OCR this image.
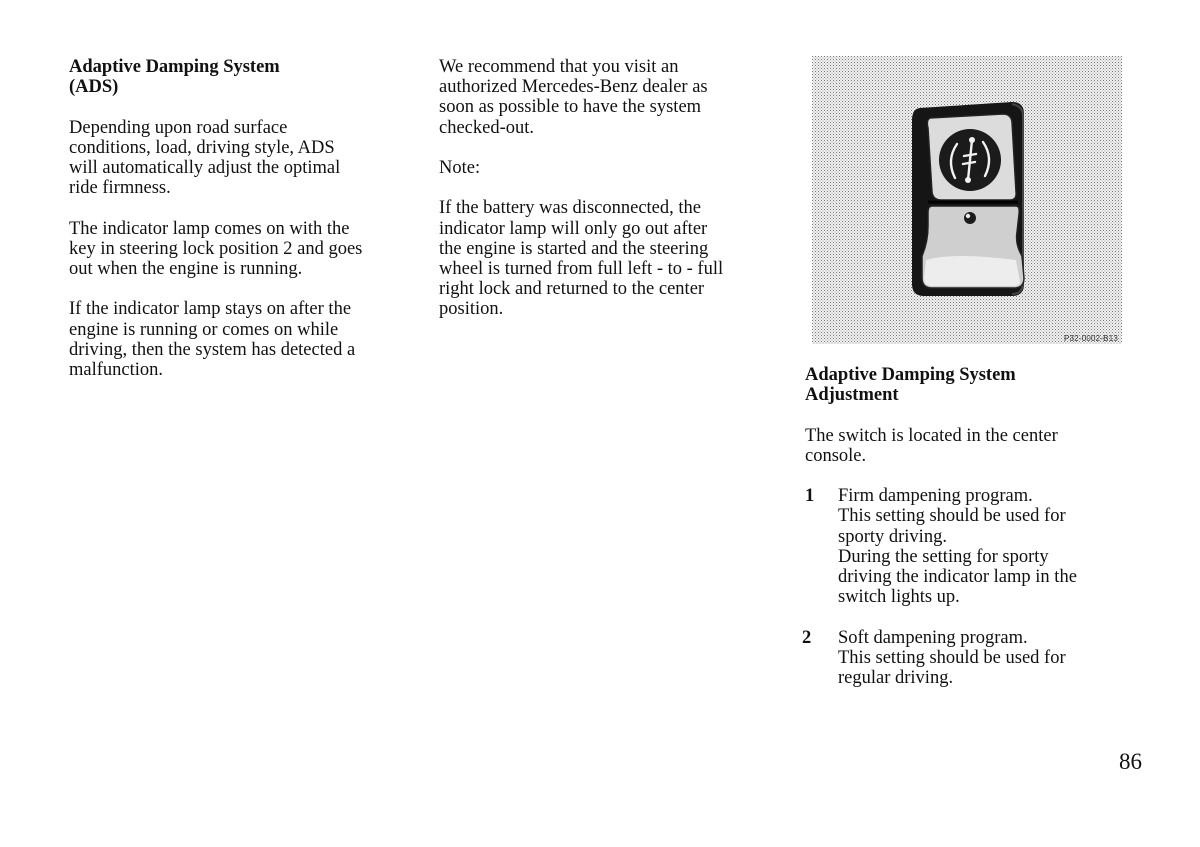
Adaptive Damping System
(ADS)

Depending upon road surface
conditions, load, driving style, ADS
will automatically adjust the optimal
ride firmness.

The indicator lamp comes on with the
key in steering lock position 2 and goes
out when the engine is running.

If the indicator lamp stays on after the
engine is running or comes on while
driving, then the system has detected a
malfunction.

We recommend that you visit an
authorized Mercedes-Benz dealer as
soon as possible to have the system
checked-out.

Note:

If the battery was disconnected, the
indicator lamp will only go out after
the engine is started and the steering
wheel is turned from full left - to - full
right lock and returned to the center
position.

P32-0002-B13

Adaptive Damping System
Adjustment

The switch is located in the center
console.

1 Firm dampening program.
This setting should be used for
sporty driving.
During the setting for sporty
driving the indicator lamp in the
switch lights up.
2 Soft dampening program.
This setting should be used for
regular driving.
86
